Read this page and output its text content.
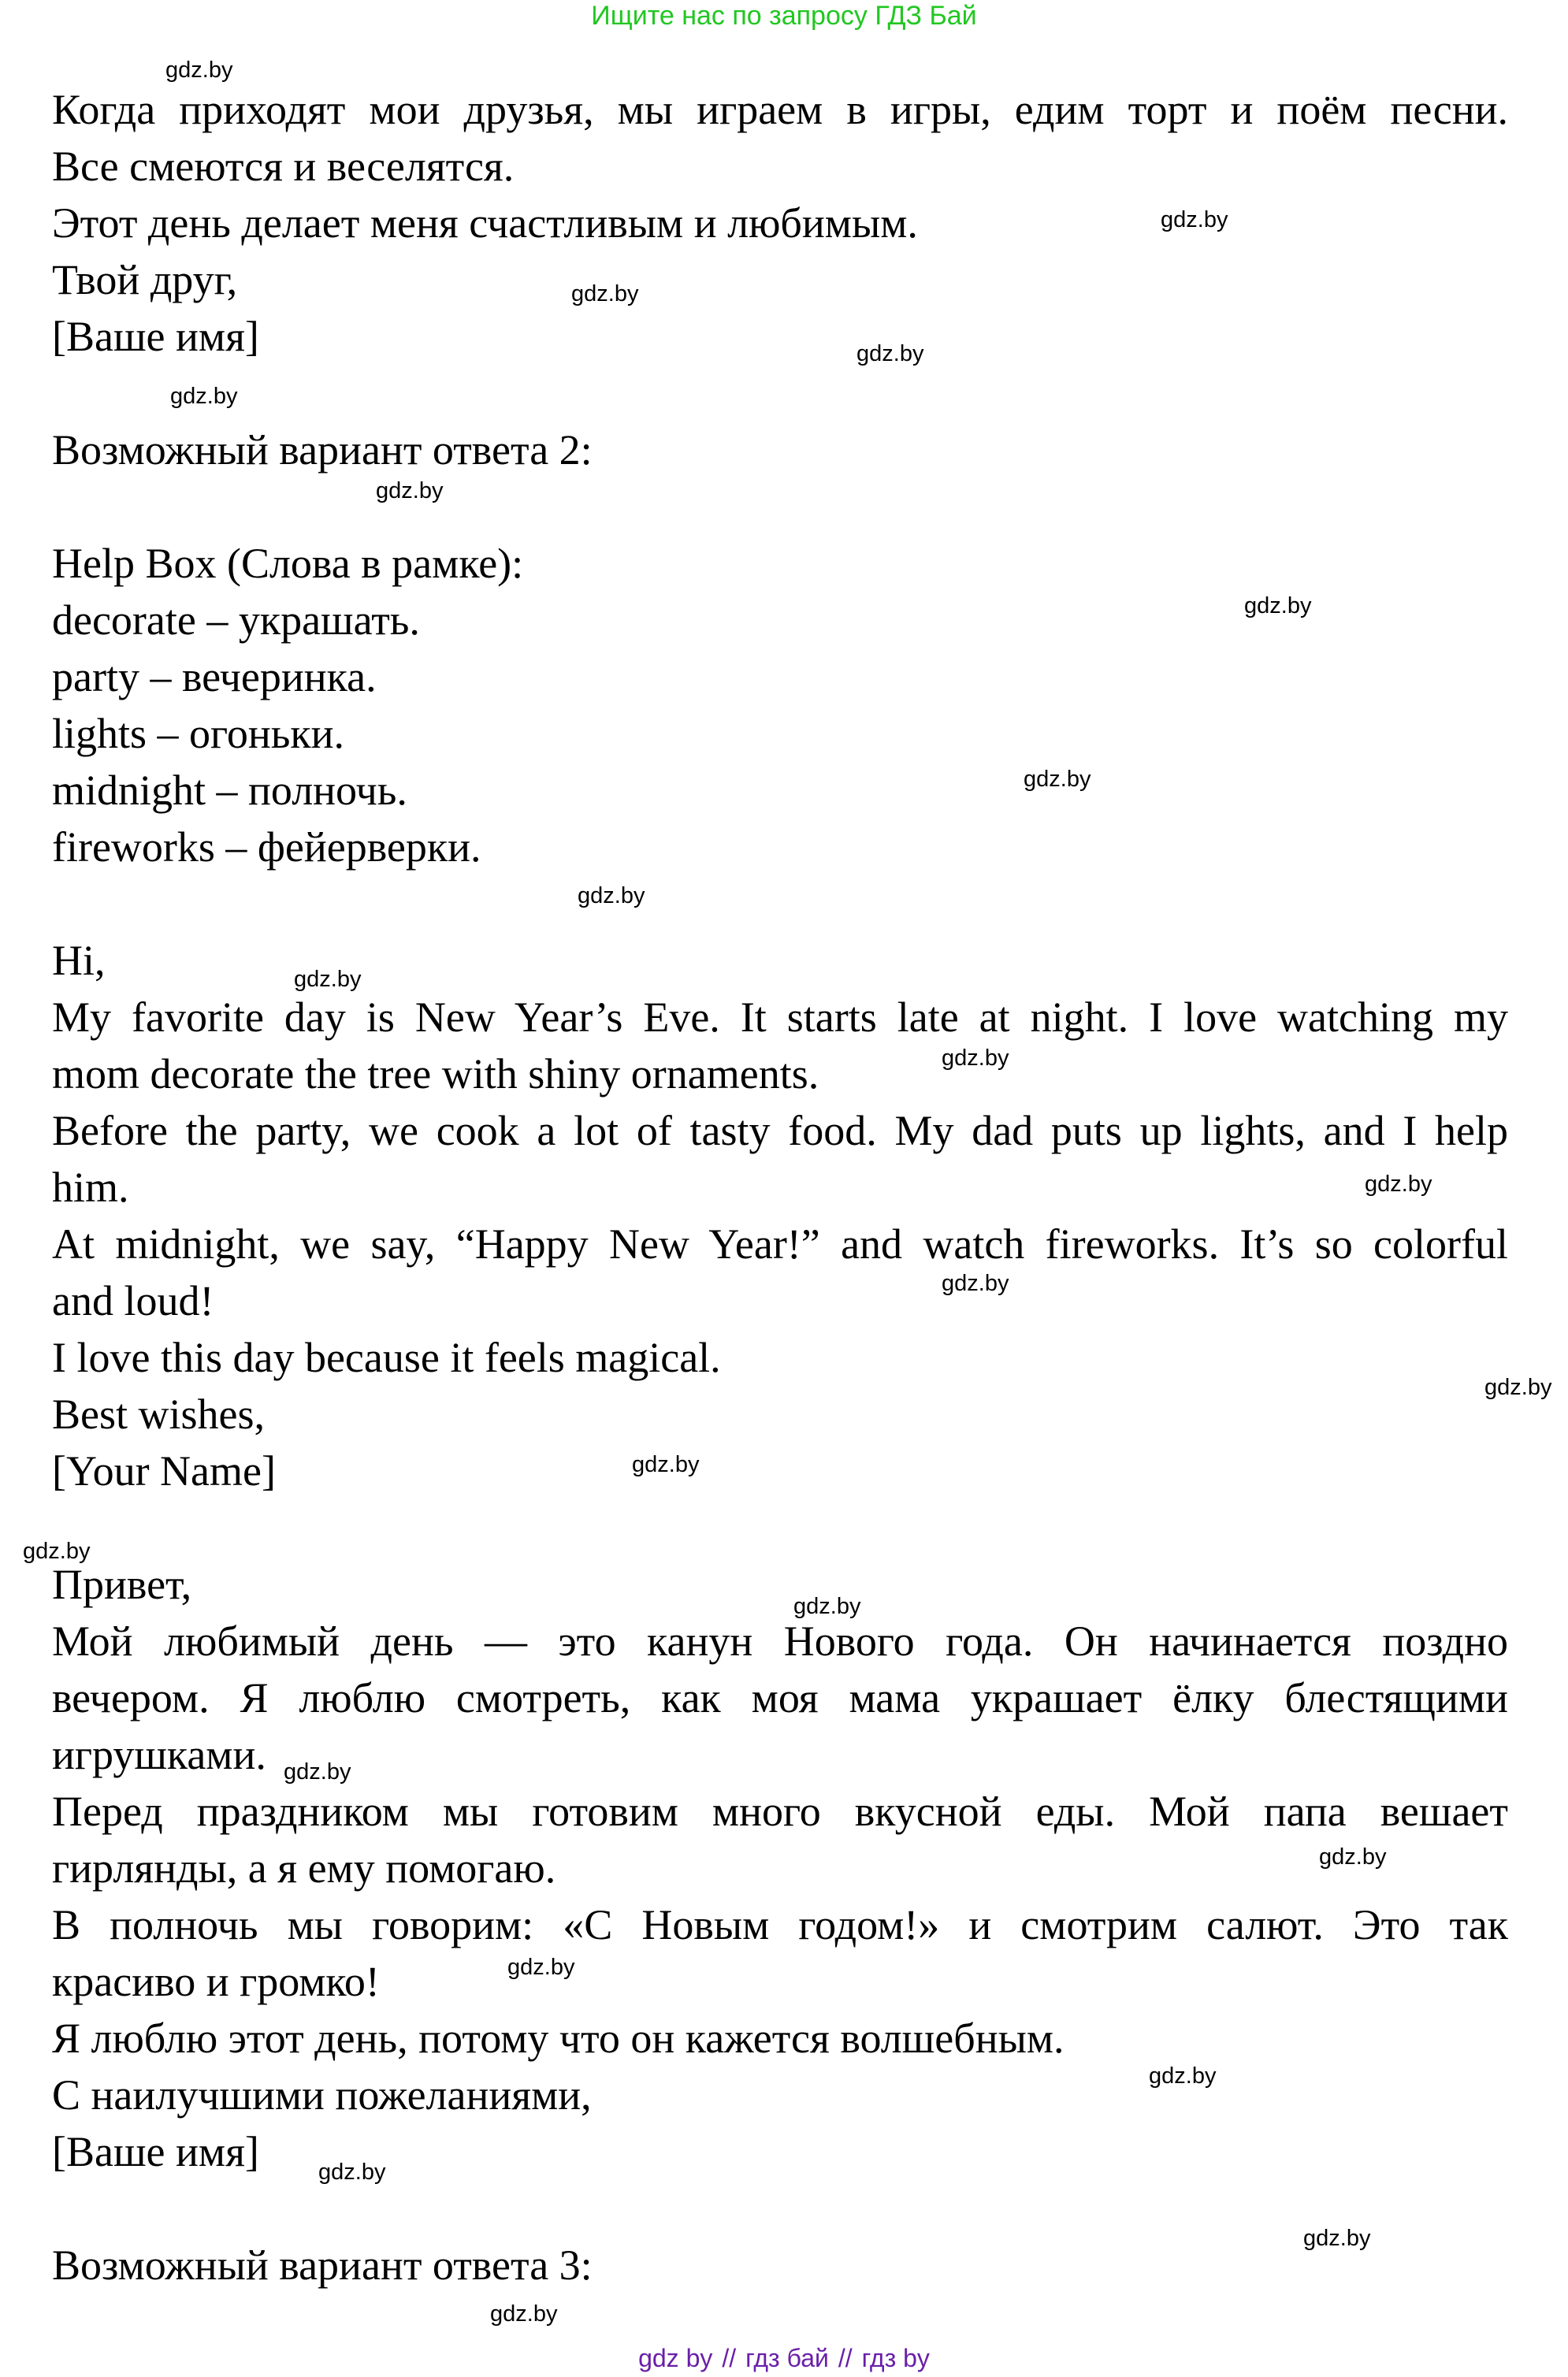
Ищите нас по запросу ГДЗ Бай
Когда приходят мои друзья, мы играем в игры, едим торт и поём песни.
Все смеются и веселятся.
Этот день делает меня счастливым и любимым.
Твой друг,
[Ваше имя]
Возможный вариант ответа 2:
Help Box (Слова в рамке):
decorate – украшать.
party – вечеринка.
lights – огоньки.
midnight – полночь.
fireworks – фейерверки.
Hi,
My favorite day is New Year’s Eve. It starts late at night. I love watching my
mom decorate the tree with shiny ornaments.
Before the party, we cook a lot of tasty food. My dad puts up lights, and I help
him.
At midnight, we say, “Happy New Year!” and watch fireworks. It’s so colorful
and loud!
I love this day because it feels magical.
Best wishes,
[Your Name]
Привет,
Мой любимый день — это канун Нового года. Он начинается поздно
вечером. Я люблю смотреть, как моя мама украшает ёлку блестящими
игрушками.
Перед праздником мы готовим много вкусной еды. Мой папа вешает
гирлянды, а я ему помогаю.
В полночь мы говорим: «С Новым годом!» и смотрим салют. Это так
красиво и громко!
Я люблю этот день, потому что он кажется волшебным.
С наилучшими пожеланиями,
[Ваше имя]
Возможный вариант ответа 3:
gdz.by
gdz.by
gdz.by
gdz.by
gdz.by
gdz.by
gdz.by
gdz.by
gdz.by
gdz.by
gdz.by
gdz.by
gdz.by
gdz.by
gdz.by
gdz.by
gdz.by
gdz.by
gdz.by
gdz.by
gdz.by
gdz.by
gdz.by
gdz.by
gdz by // гдз бай // гдз by
